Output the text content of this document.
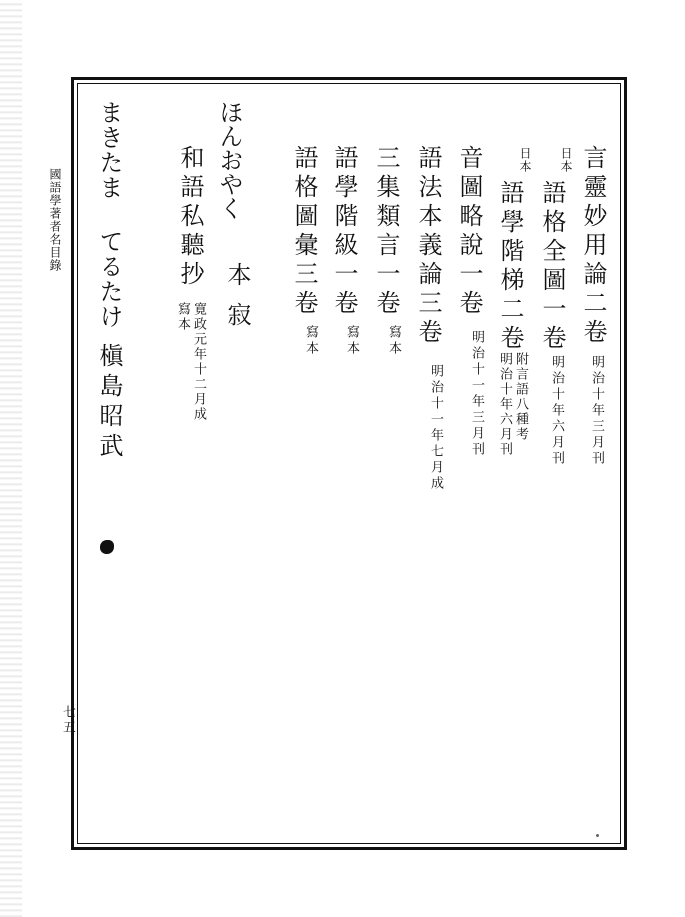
國語學著者名目錄
七五
言靈妙用論二卷
明治十年三月刊
日本
語格全圖一卷
明治十年六月刊
日本
語學階梯二卷
附言語八種考
明治十年六月刊
音圖略說一卷
明治十一年三月刊
語法本義論三卷
明治十一年七月成
三集類言一卷
寫本
語學階級一卷
寫本
語格圖彙三卷
寫本
ほんおやく
本寂
和語私聽抄
寛政元年十二月成
寫本
まきたま てるたけ
槇島昭武
